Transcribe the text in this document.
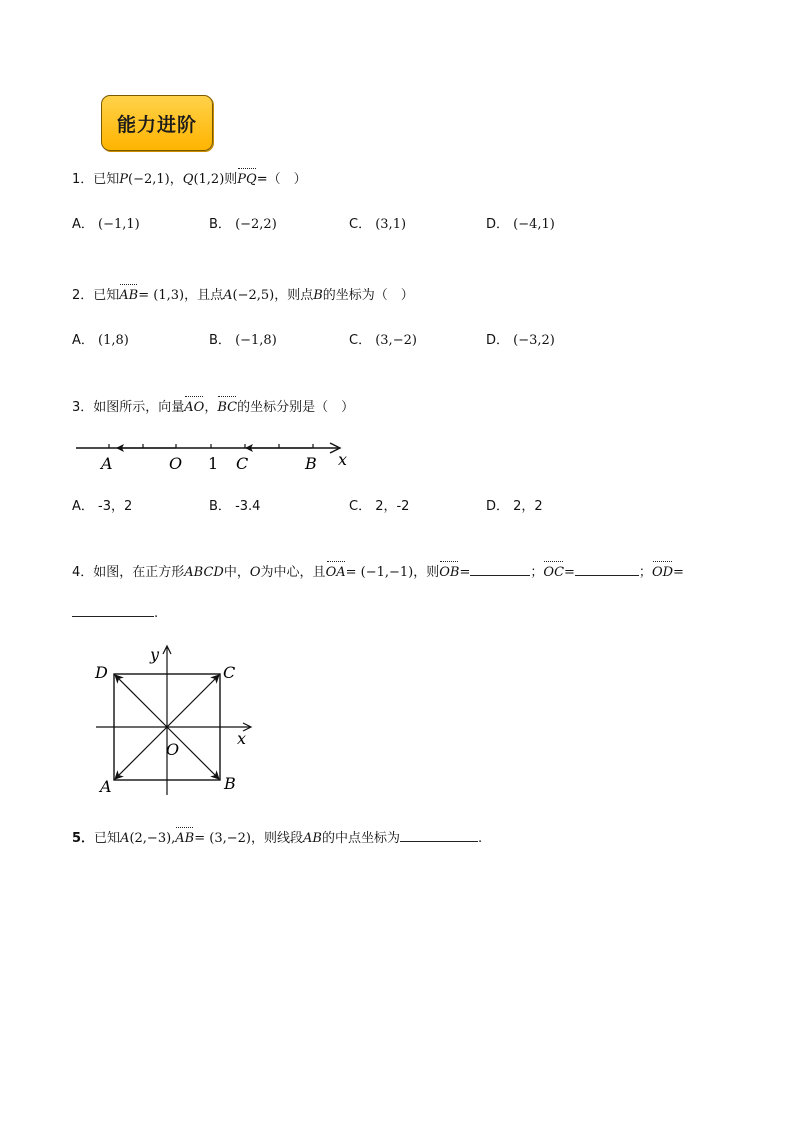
能力进阶
1．已知P(−2,1)，Q(1,2)则PQ=（　）
A． (−1,1)	B． (−2,2)	C． (3,1)	D． (−4,1)
2．已知AB= (1,3)，且点A(−2,5)，则点B的坐标为（　）
A． (1,8)	B． (−1,8)	C． (3,−2)	D． (−3,2)
3．如图所示，向量AO，BC的坐标分别是（　）
A	O 1 C	B x
A． -3，2	B． -3.4	C． 2，-2	D． 2，2
4．如图，在正方形ABCD中，O为中心，且OA= (−1,−1)，则OB=	；OC=	；OD=
.
D	C
A	B
O
x
y
5．已知A(2,−3),AB= (3,−2)，则线段AB的中点坐标为	.
